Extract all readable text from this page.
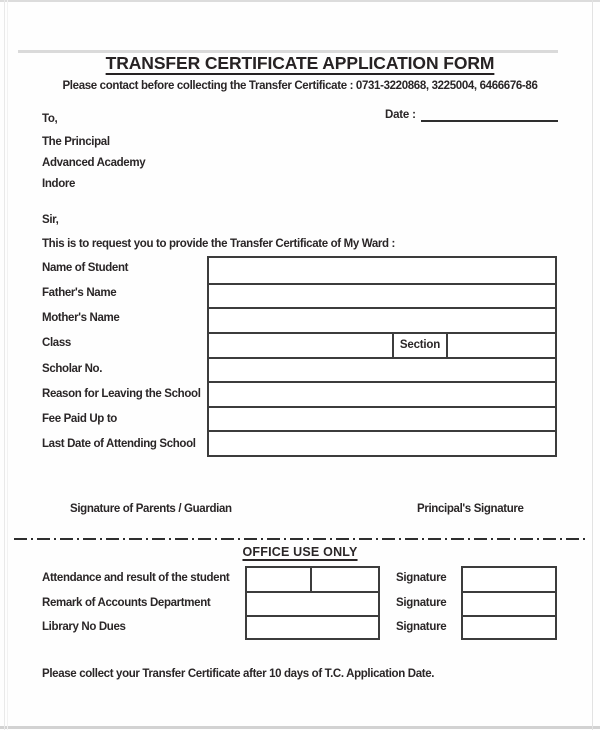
TRANSFER CERTIFICATE APPLICATION FORM
Please contact before collecting the Transfer Certificate : 0731-3220868, 3225004, 6466676-86
Date :
To,
The Principal
Advanced Academy
Indore
Sir,
This is to request you to provide the Transfer Certificate of My Ward :
Name of Student
Father's Name
Mother's Name
Class
Scholar No.
Reason for Leaving the School
Fee Paid Up to
Last Date of Attending School
Section
Signature of Parents / Guardian	Principal's Signature
OFFICE USE ONLY
Attendance and result of the student
Remark of Accounts Department
Library No Dues
Signature
Signature
Signature
Please collect your Transfer Certificate after 10 days of T.C. Application Date.
